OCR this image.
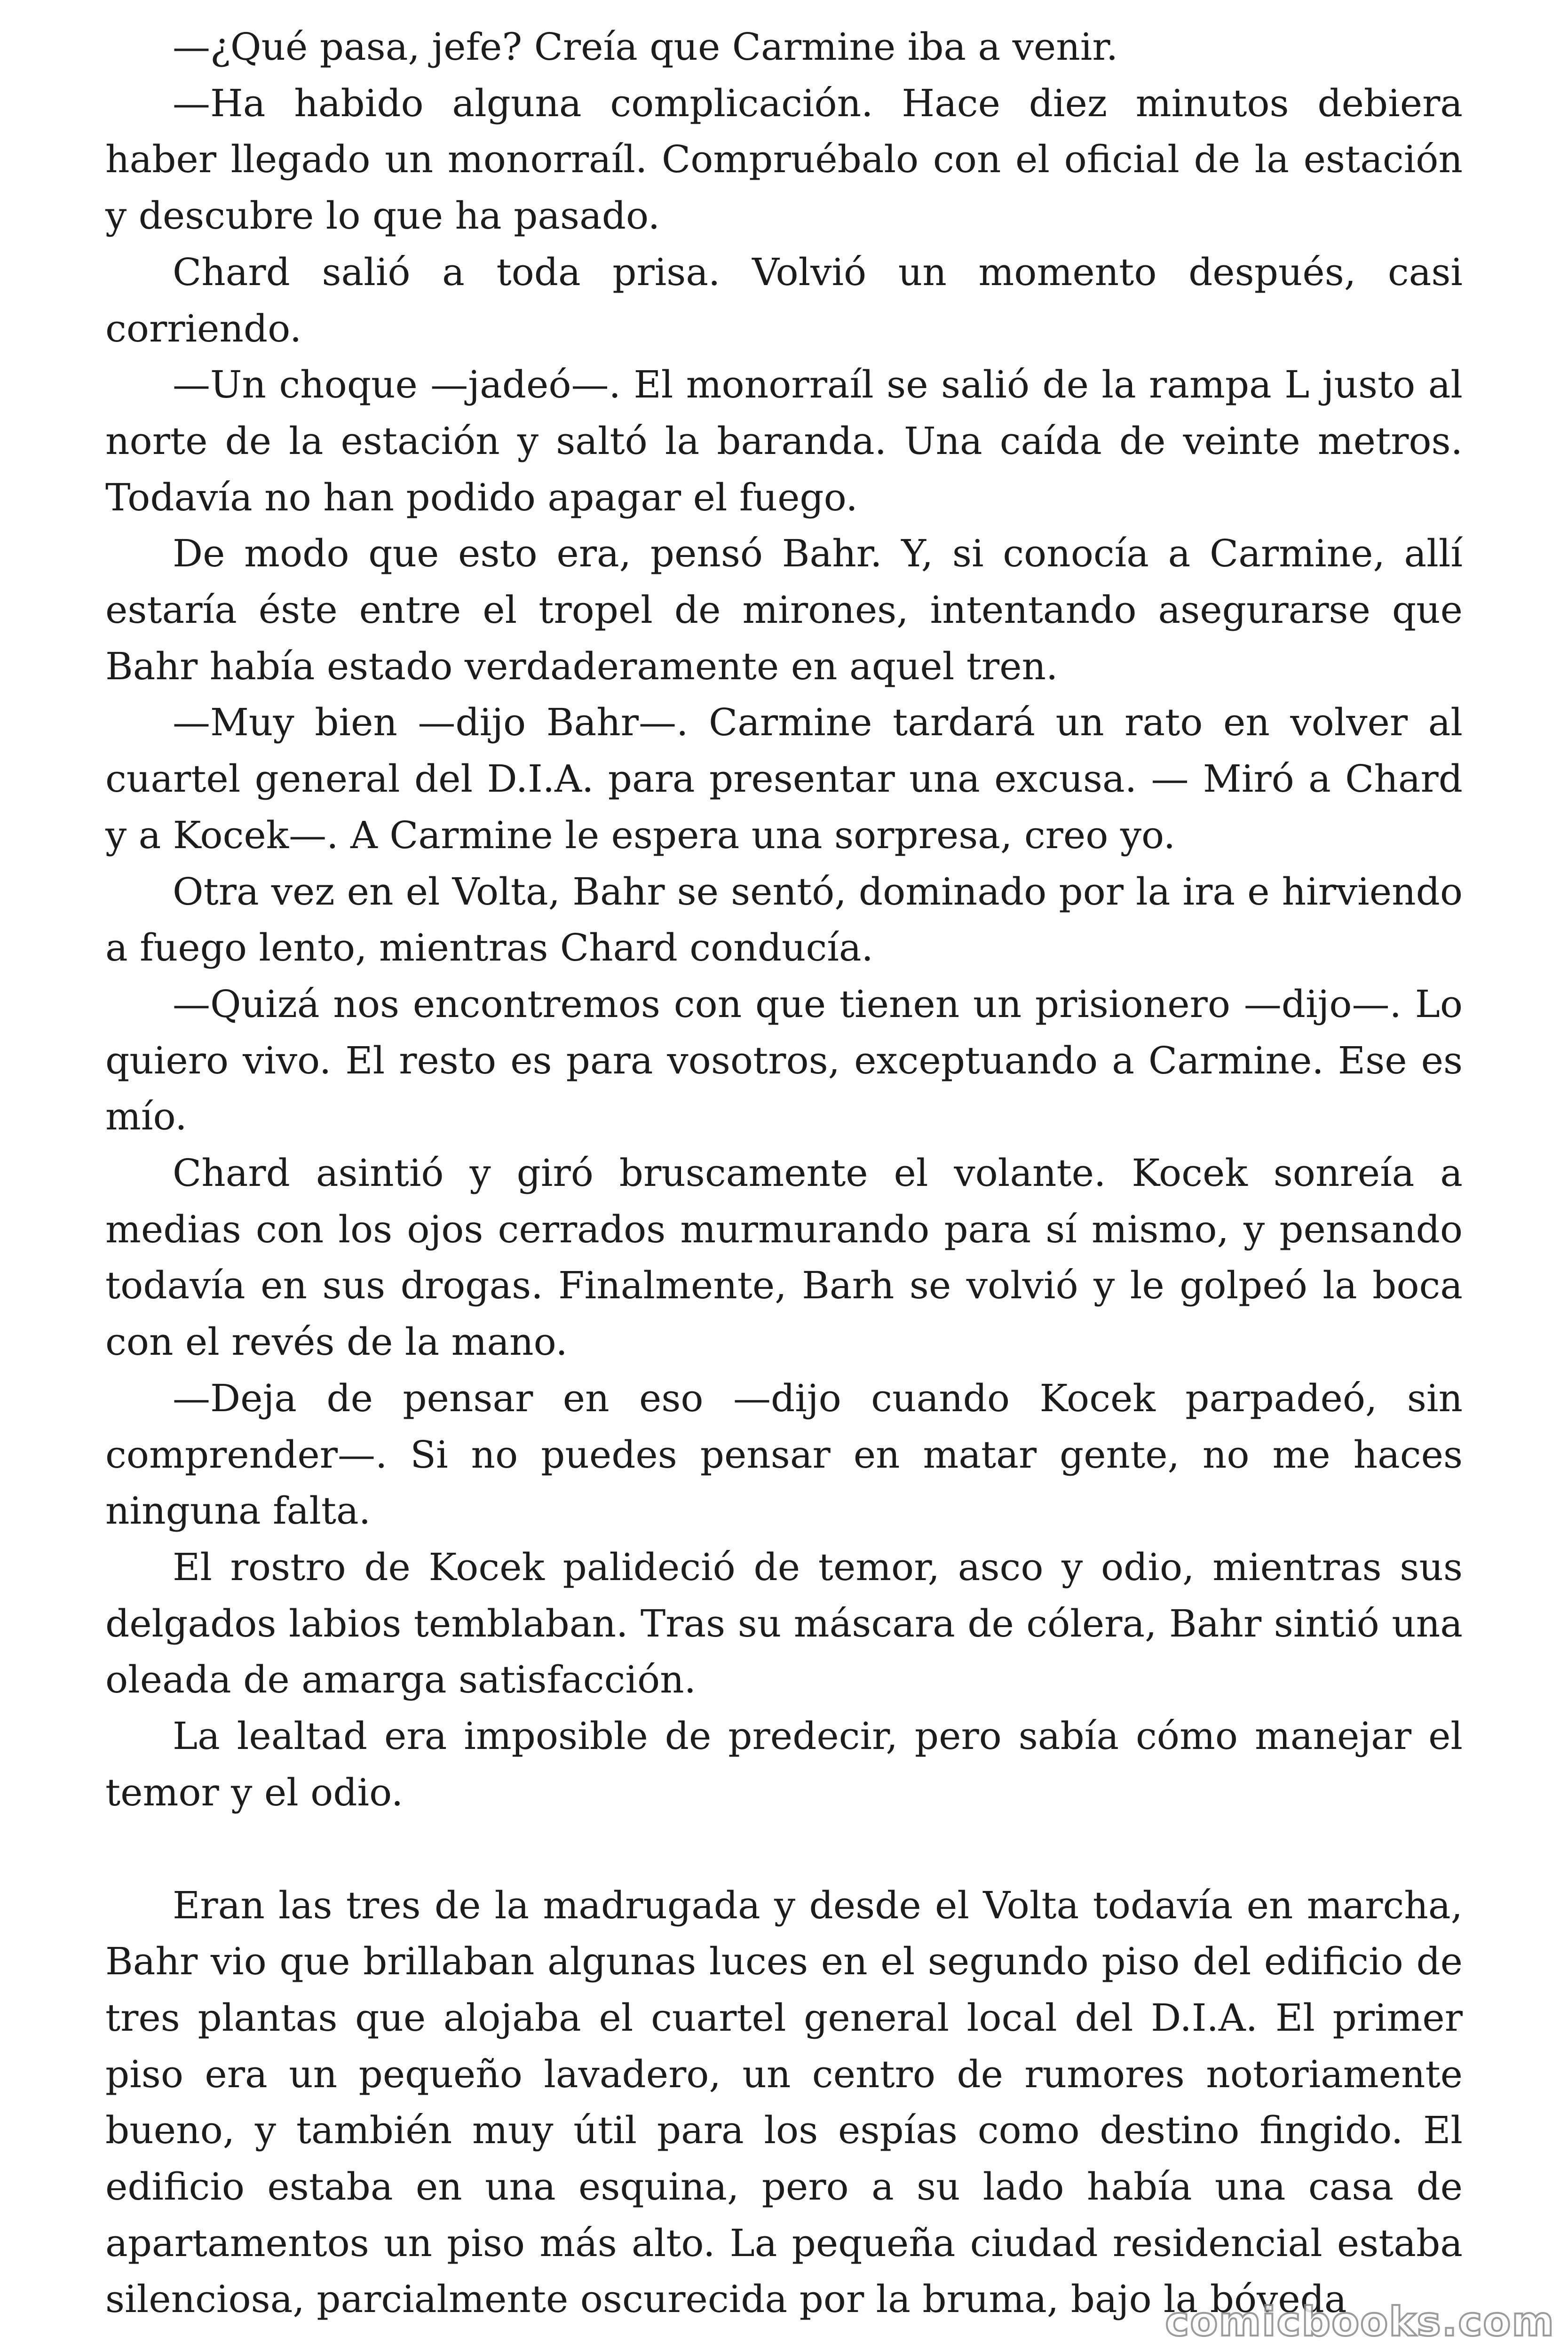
—¿Qué pasa, jefe? Creía que Carmine iba a venir.

—Ha habido alguna complicación. Hace diez minutos debiera haber llegado un monorraíl. Compruébalo con el oficial de la estación y descubre lo que ha pasado.

Chard salió a toda prisa. Volvió un momento después, casi corriendo.

—Un choque —jadeó—. El monorraíl se salió de la rampa L justo al norte de la estación y saltó la baranda. Una caída de veinte metros. Todavía no han podido apagar el fuego.

De modo que esto era, pensó Bahr. Y, si conocía a Carmine, allí estaría éste entre el tropel de mirones, intentando asegurarse que Bahr había estado verdaderamente en aquel tren.

—Muy bien —dijo Bahr—. Carmine tardará un rato en volver al cuartel general del D.I.A. para presentar una excusa. — Miró a Chard y a Kocek—. A Carmine le espera una sorpresa, creo yo.

Otra vez en el Volta, Bahr se sentó, dominado por la ira e hirviendo a fuego lento, mientras Chard conducía.

—Quizá nos encontremos con que tienen un prisionero —dijo—. Lo quiero vivo. El resto es para vosotros, exceptuando a Carmine. Ese es mío.

Chard asintió y giró bruscamente el volante. Kocek sonreía a medias con los ojos cerrados murmurando para sí mismo, y pensando todavía en sus drogas. Finalmente, Barh se volvió y le golpeó la boca con el revés de la mano.

—Deja de pensar en eso —dijo cuando Kocek parpadeó, sin comprender—. Si no puedes pensar en matar gente, no me haces ninguna falta.

El rostro de Kocek palideció de temor, asco y odio, mientras sus delgados labios temblaban. Tras su máscara de cólera, Bahr sintió una oleada de amarga satisfacción.

La lealtad era imposible de predecir, pero sabía cómo manejar el temor y el odio.

Eran las tres de la madrugada y desde el Volta todavía en marcha, Bahr vio que brillaban algunas luces en el segundo piso del edificio de tres plantas que alojaba el cuartel general local del D.I.A. El primer piso era un pequeño lavadero, un centro de rumores notoriamente bueno, y también muy útil para los espías como destino fingido. El edificio estaba en una esquina, pero a su lado había una casa de apartamentos un piso más alto. La pequeña ciudad residencial estaba silenciosa, parcialmente oscurecida por la bruma, bajo la bóveda

comicbooks.com
